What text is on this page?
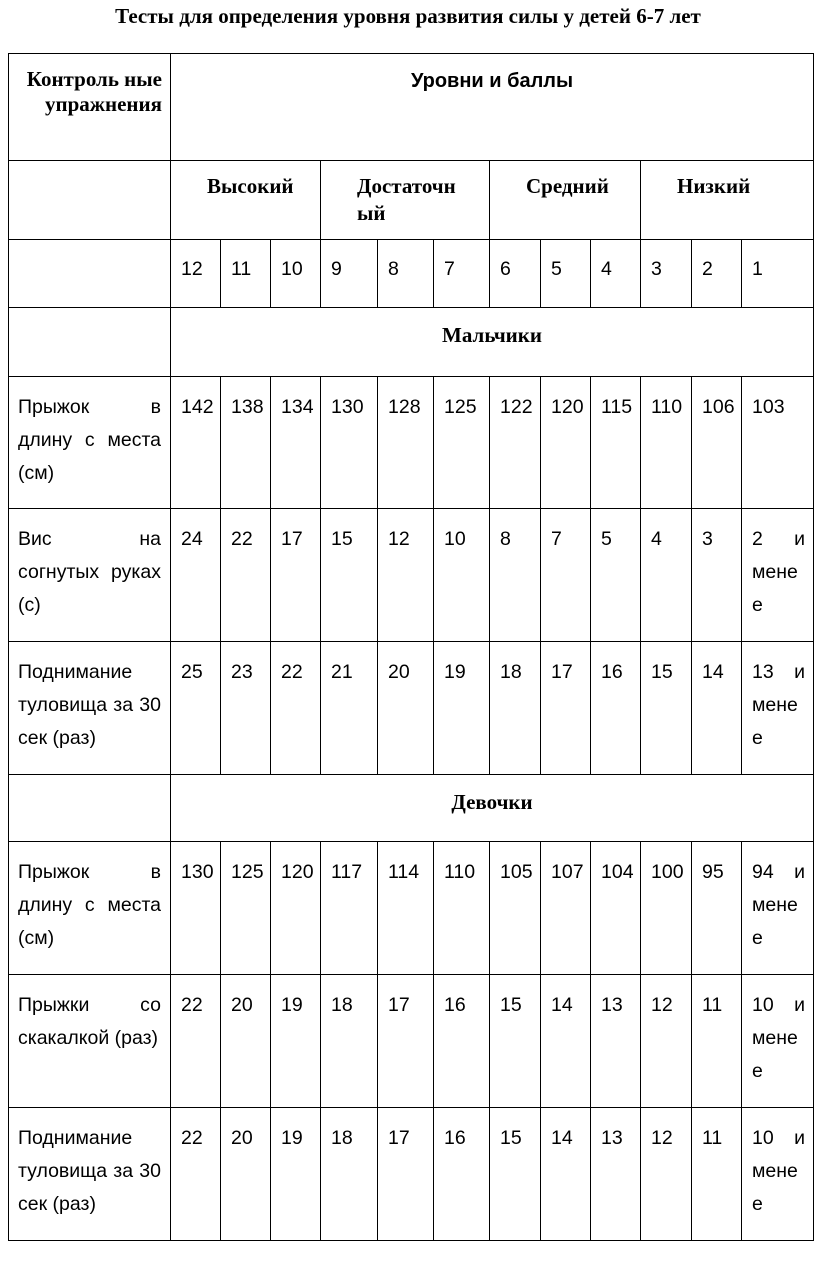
Тесты для определения уровня развития силы у детей 6-7 лет
Контроль ные упражнения	Уровни и баллы											
	Высокий			Достаточн ый			Средний			Низкий		
	12	11	10	9	8	7	6	5	4	3	2	1
	Мальчики											
Прыжок в длину с места (см)	142	138	134	130	128	125	122	120	115	110	106	103
Вис на согнутых руках (с)	24	22	17	15	12	10	8	7	5	4	3	2 и менее
Поднимание туловища за 30 сек (раз)	25	23	22	21	20	19	18	17	16	15	14	13 и менее
	Девочки											
Прыжок в длину с места (см)	130	125	120	117	114	110	105	107	104	100	95	94 и менее
Прыжки со скакалкой (раз)	22	20	19	18	17	16	15	14	13	12	11	10 и менее
Поднимание туловища за 30 сек (раз)	22	20	19	18	17	16	15	14	13	12	11	10 и менее
